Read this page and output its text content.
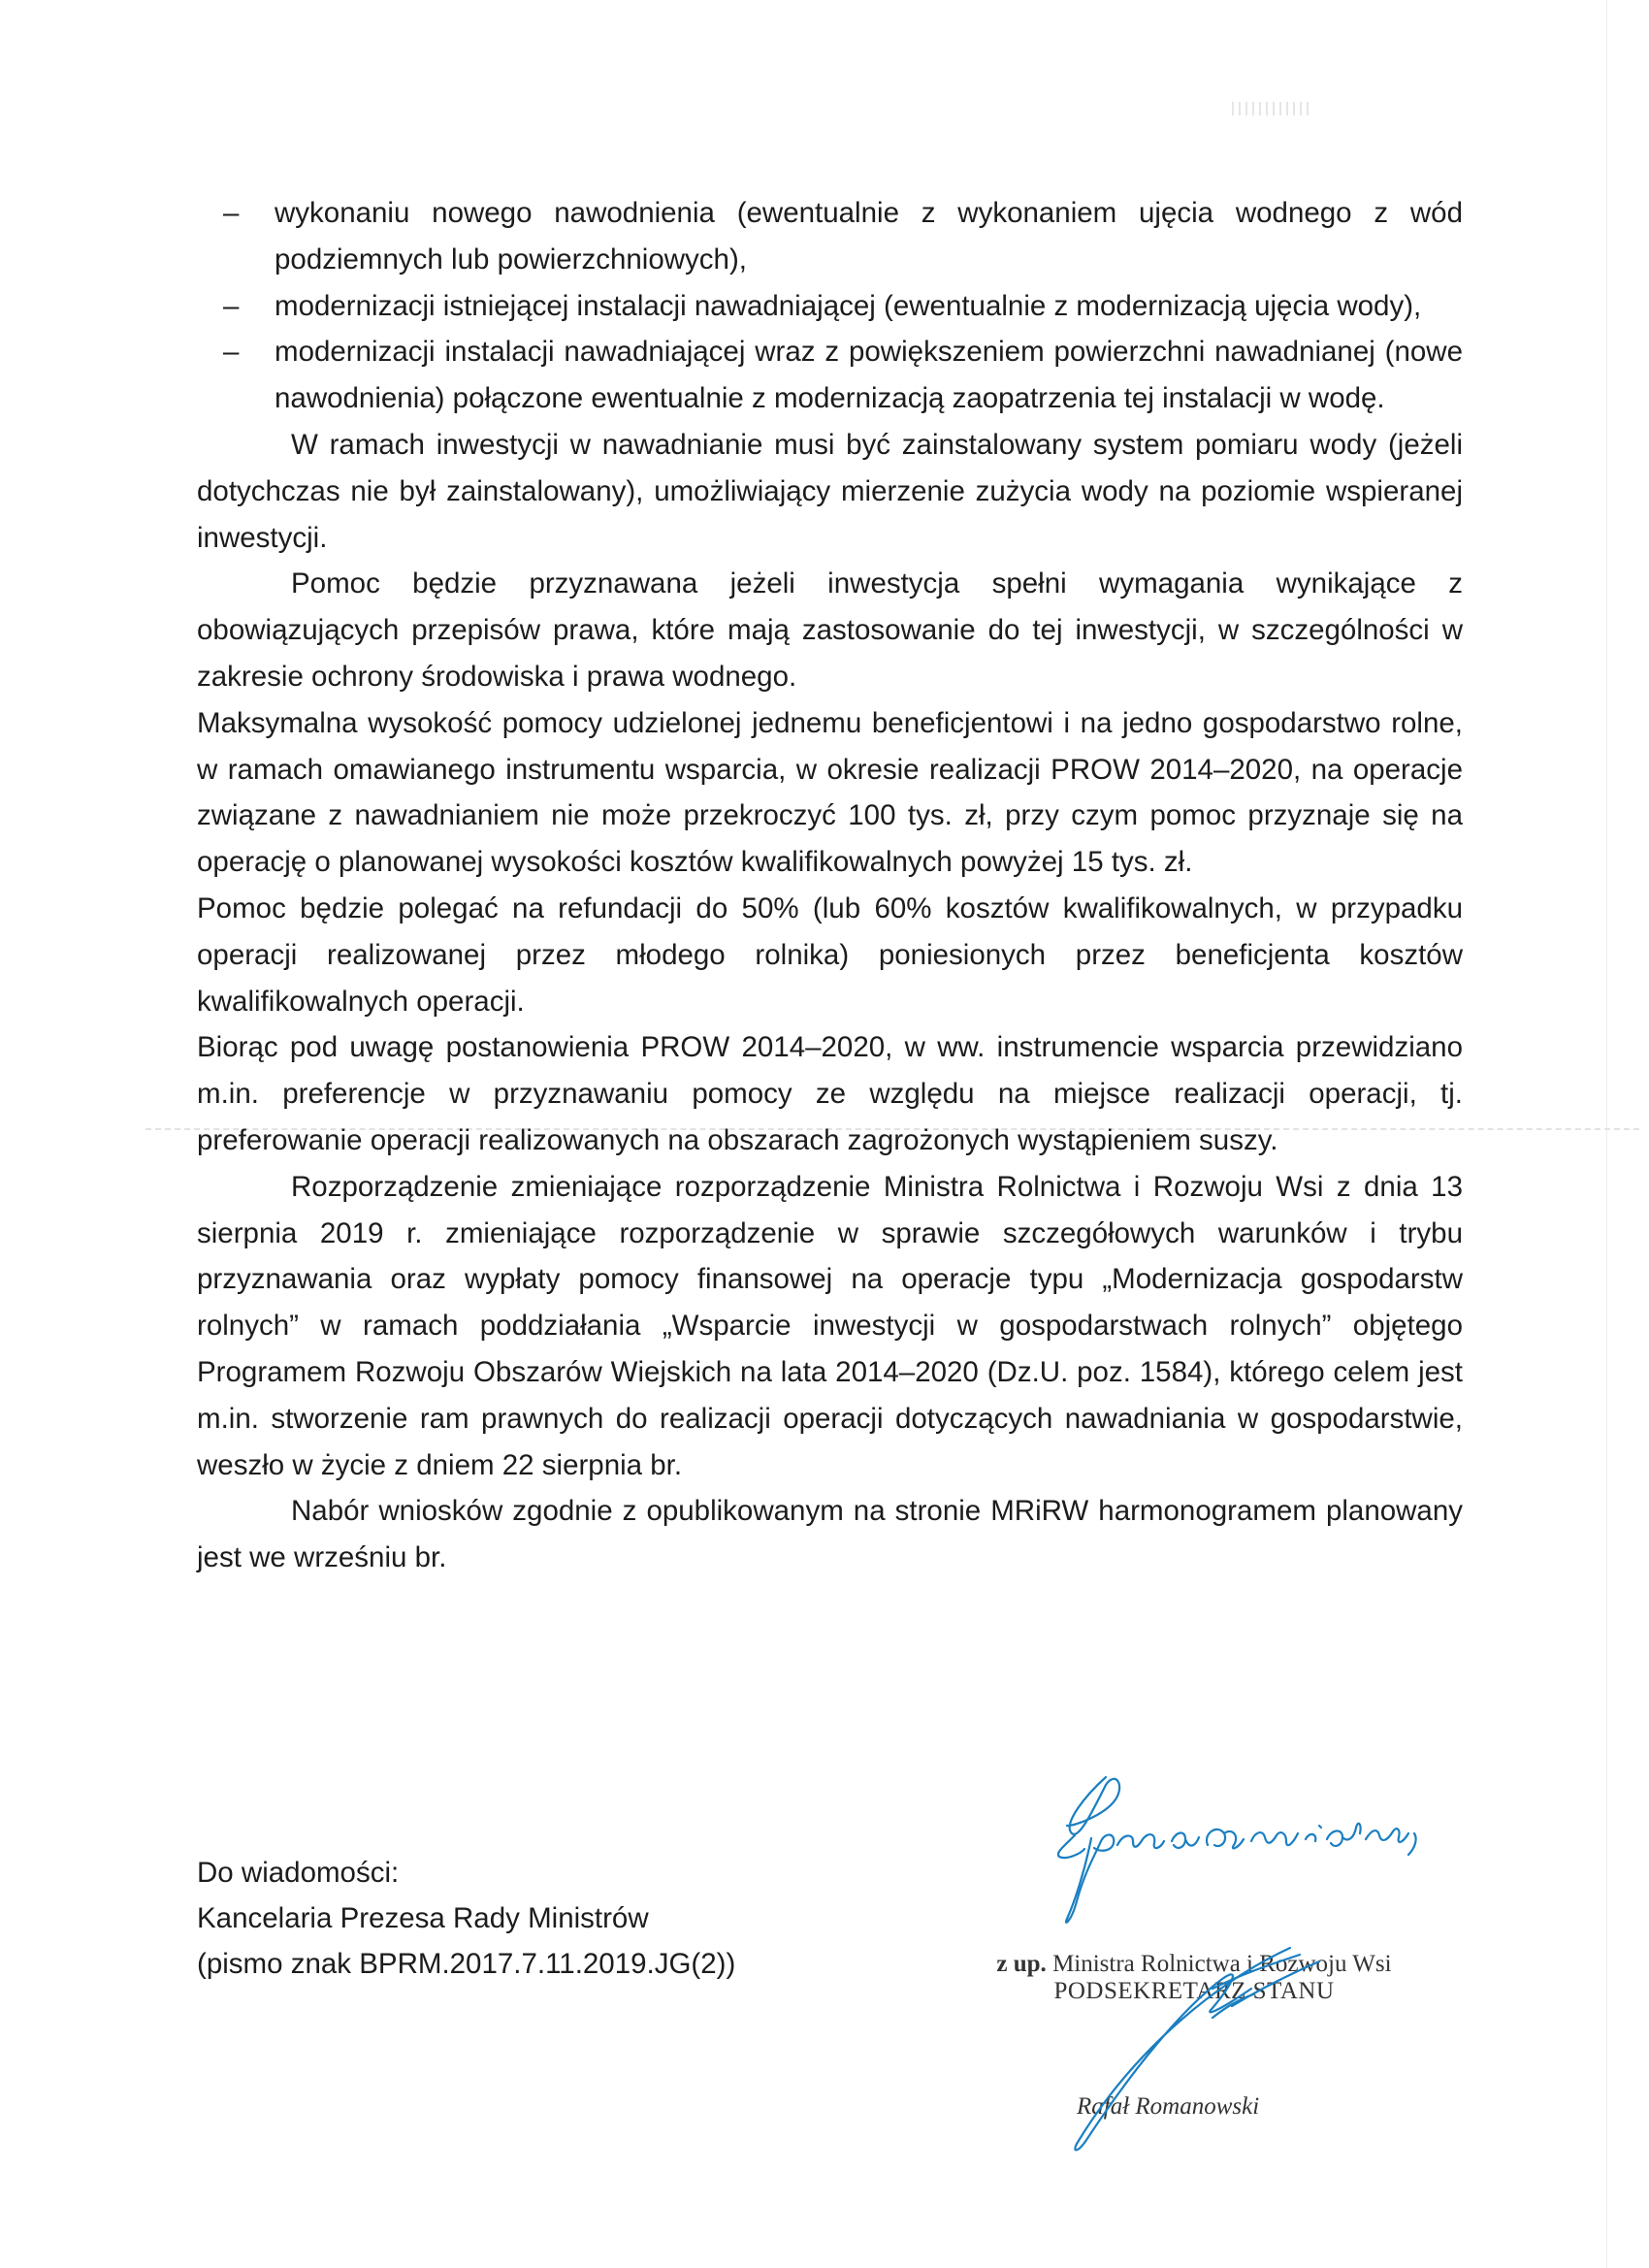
– wykonaniu nowego nawodnienia (ewentualnie z wykonaniem ujęcia wodnego z wód podziemnych lub powierzchniowych),
– modernizacji istniejącej instalacji nawadniającej (ewentualnie z modernizacją ujęcia wody),
– modernizacji instalacji nawadniającej wraz z powiększeniem powierzchni nawadnianej (nowe nawodnienia) połączone ewentualnie z modernizacją zaopatrzenia tej instalacji w wodę.

W ramach inwestycji w nawadnianie musi być zainstalowany system pomiaru wody (jeżeli dotychczas nie był zainstalowany), umożliwiający mierzenie zużycia wody na poziomie wspieranej inwestycji.

Pomoc będzie przyznawana jeżeli inwestycja spełni wymagania wynikające z obowiązujących przepisów prawa, które mają zastosowanie do tej inwestycji, w szczególności w zakresie ochrony środowiska i prawa wodnego.

Maksymalna wysokość pomocy udzielonej jednemu beneficjentowi i na jedno gospodarstwo rolne, w ramach omawianego instrumentu wsparcia, w okresie realizacji PROW 2014–2020, na operacje związane z nawadnianiem nie może przekroczyć 100 tys. zł, przy czym pomoc przyznaje się na operację o planowanej wysokości kosztów kwalifikowalnych powyżej 15 tys. zł.

Pomoc będzie polegać na refundacji do 50% (lub 60% kosztów kwalifikowalnych, w przypadku operacji realizowanej przez młodego rolnika) poniesionych przez beneficjenta kosztów kwalifikowalnych operacji.

Biorąc pod uwagę postanowienia PROW 2014–2020, w ww. instrumencie wsparcia przewidziano m.in. preferencje w przyznawaniu pomocy ze względu na miejsce realizacji operacji, tj. preferowanie operacji realizowanych na obszarach zagrożonych wystąpieniem suszy.

Rozporządzenie zmieniające rozporządzenie Ministra Rolnictwa i Rozwoju Wsi z dnia 13 sierpnia 2019 r. zmieniające rozporządzenie w sprawie szczegółowych warunków i trybu przyznawania oraz wypłaty pomocy finansowej na operacje typu „Modernizacja gospodarstw rolnych” w ramach poddziałania „Wsparcie inwestycji w gospodarstwach rolnych” objętego Programem Rozwoju Obszarów Wiejskich na lata 2014–2020 (Dz.U. poz. 1584), którego celem jest m.in. stworzenie ram prawnych do realizacji operacji dotyczących nawadniania w gospodarstwie, weszło w życie z dniem 22 sierpnia br.

Nabór wniosków zgodnie z opublikowanym na stronie MRiRW harmonogramem planowany jest we wrześniu br.

Do wiadomości:
Kancelaria Prezesa Rady Ministrów
(pismo znak BPRM.2017.7.11.2019.JG(2))	z up. Ministra Rolnictwa i Rozwoju Wsi
PODSEKRETARZ STANU
Rafał Romanowski
